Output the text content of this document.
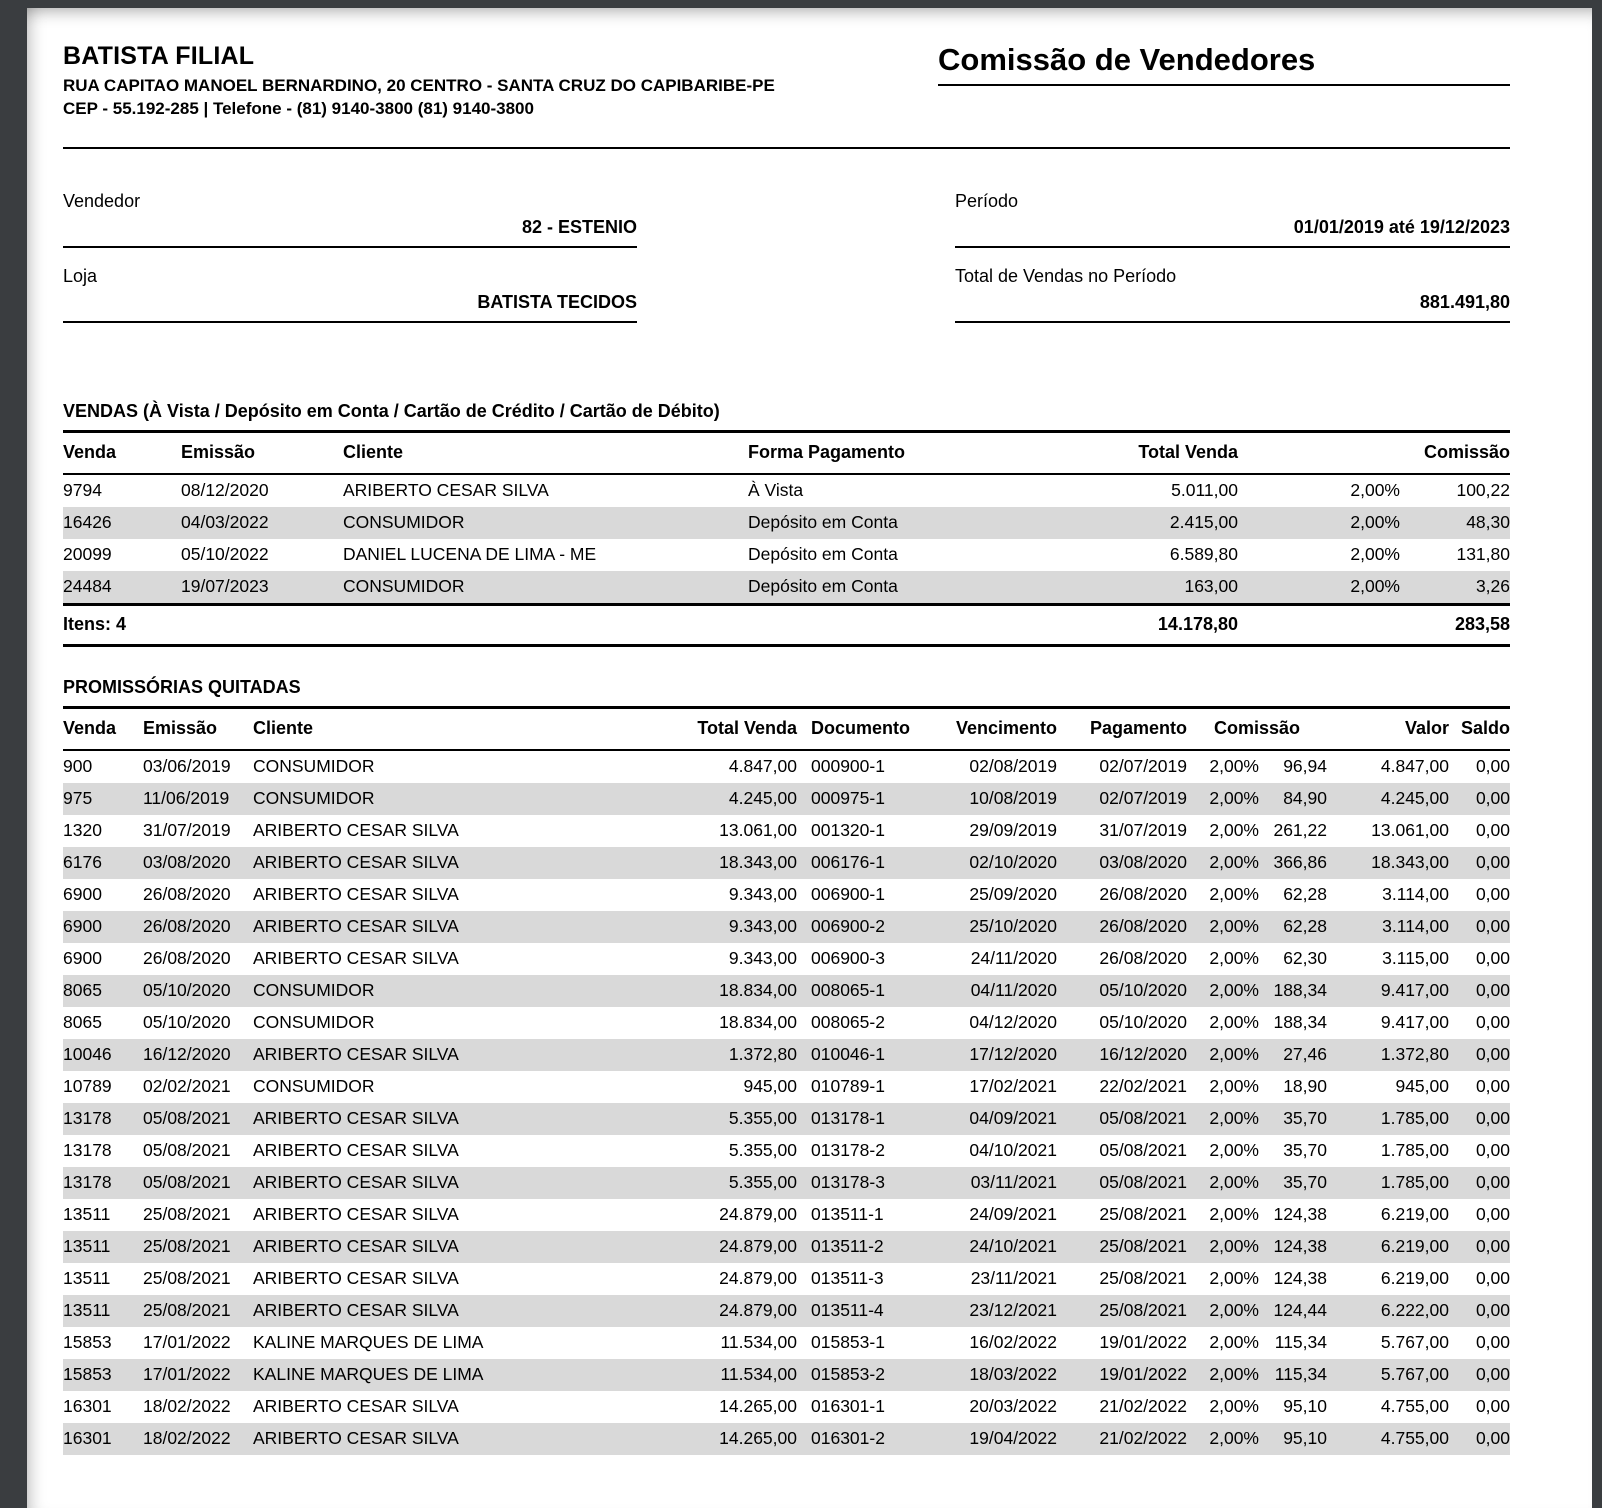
BATISTA FILIAL
RUA CAPITAO MANOEL BERNARDINO, 20 CENTRO - SANTA CRUZ DO CAPIBARIBE-PE
CEP - 55.192-285 | Telefone - (81) 9140-3800 (81) 9140-3800
Comissão de Vendedores
Vendedor
82 - ESTENIO
Loja
BATISTA TECIDOS
Período
01/01/2019 até 19/12/2023
Total de Vendas no Período
881.491,80
VENDAS (À Vista / Depósito em Conta / Cartão de Crédito / Cartão de Débito)
Venda	Emissão	Cliente	Forma Pagamento	Total Venda	Comissão	
9794	08/12/2020	ARIBERTO CESAR SILVA	À Vista	5.011,00	2,00%	100,22
16426	04/03/2022	CONSUMIDOR	Depósito em Conta	2.415,00	2,00%	48,30
20099	05/10/2022	DANIEL LUCENA DE LIMA - ME	Depósito em Conta	6.589,80	2,00%	131,80
24484	19/07/2023	CONSUMIDOR	Depósito em Conta	163,00	2,00%	3,26
Itens: 4				14.178,80		283,58
PROMISSÓRIAS QUITADAS
Venda	Emissão	Cliente	Total Venda	Documento	Vencimento	Pagamento	Comissão		Valor	Saldo
900	03/06/2019	CONSUMIDOR	4.847,00	000900-1	02/08/2019	02/07/2019	2,00%	96,94	4.847,00	0,00
975	11/06/2019	CONSUMIDOR	4.245,00	000975-1	10/08/2019	02/07/2019	2,00%	84,90	4.245,00	0,00
1320	31/07/2019	ARIBERTO CESAR SILVA	13.061,00	001320-1	29/09/2019	31/07/2019	2,00%	261,22	13.061,00	0,00
6176	03/08/2020	ARIBERTO CESAR SILVA	18.343,00	006176-1	02/10/2020	03/08/2020	2,00%	366,86	18.343,00	0,00
6900	26/08/2020	ARIBERTO CESAR SILVA	9.343,00	006900-1	25/09/2020	26/08/2020	2,00%	62,28	3.114,00	0,00
6900	26/08/2020	ARIBERTO CESAR SILVA	9.343,00	006900-2	25/10/2020	26/08/2020	2,00%	62,28	3.114,00	0,00
6900	26/08/2020	ARIBERTO CESAR SILVA	9.343,00	006900-3	24/11/2020	26/08/2020	2,00%	62,30	3.115,00	0,00
8065	05/10/2020	CONSUMIDOR	18.834,00	008065-1	04/11/2020	05/10/2020	2,00%	188,34	9.417,00	0,00
8065	05/10/2020	CONSUMIDOR	18.834,00	008065-2	04/12/2020	05/10/2020	2,00%	188,34	9.417,00	0,00
10046	16/12/2020	ARIBERTO CESAR SILVA	1.372,80	010046-1	17/12/2020	16/12/2020	2,00%	27,46	1.372,80	0,00
10789	02/02/2021	CONSUMIDOR	945,00	010789-1	17/02/2021	22/02/2021	2,00%	18,90	945,00	0,00
13178	05/08/2021	ARIBERTO CESAR SILVA	5.355,00	013178-1	04/09/2021	05/08/2021	2,00%	35,70	1.785,00	0,00
13178	05/08/2021	ARIBERTO CESAR SILVA	5.355,00	013178-2	04/10/2021	05/08/2021	2,00%	35,70	1.785,00	0,00
13178	05/08/2021	ARIBERTO CESAR SILVA	5.355,00	013178-3	03/11/2021	05/08/2021	2,00%	35,70	1.785,00	0,00
13511	25/08/2021	ARIBERTO CESAR SILVA	24.879,00	013511-1	24/09/2021	25/08/2021	2,00%	124,38	6.219,00	0,00
13511	25/08/2021	ARIBERTO CESAR SILVA	24.879,00	013511-2	24/10/2021	25/08/2021	2,00%	124,38	6.219,00	0,00
13511	25/08/2021	ARIBERTO CESAR SILVA	24.879,00	013511-3	23/11/2021	25/08/2021	2,00%	124,38	6.219,00	0,00
13511	25/08/2021	ARIBERTO CESAR SILVA	24.879,00	013511-4	23/12/2021	25/08/2021	2,00%	124,44	6.222,00	0,00
15853	17/01/2022	KALINE MARQUES DE LIMA	11.534,00	015853-1	16/02/2022	19/01/2022	2,00%	115,34	5.767,00	0,00
15853	17/01/2022	KALINE MARQUES DE LIMA	11.534,00	015853-2	18/03/2022	19/01/2022	2,00%	115,34	5.767,00	0,00
16301	18/02/2022	ARIBERTO CESAR SILVA	14.265,00	016301-1	20/03/2022	21/02/2022	2,00%	95,10	4.755,00	0,00
16301	18/02/2022	ARIBERTO CESAR SILVA	14.265,00	016301-2	19/04/2022	21/02/2022	2,00%	95,10	4.755,00	0,00
